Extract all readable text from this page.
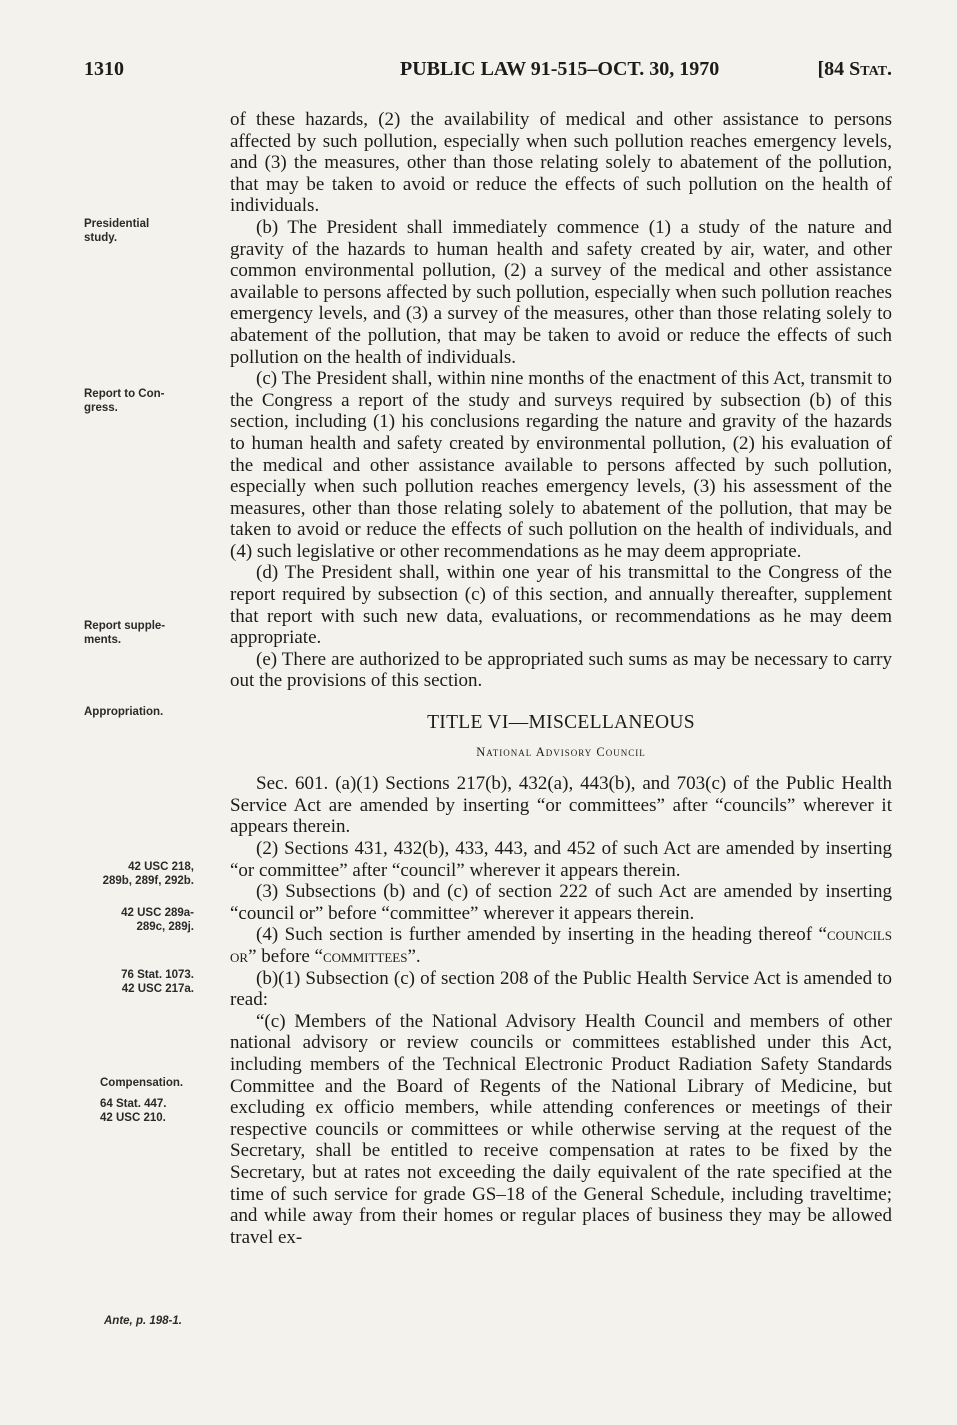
1310	PUBLIC LAW 91-515–OCT. 30, 1970	[84 Stat.
Presidential
study.
Report to Con-
gress.
Report supple-
ments.
Appropriation.
42 USC 218,
289b, 289f, 292b.
42 USC 289a-
289c, 289j.
76 Stat. 1073.
42 USC 217a.
Compensation.
64 Stat. 447.
42 USC 210.
Ante, p. 198-1.

of these hazards, (2) the availability of medical and other assistance to persons affected by such pollution, especially when such pollution reaches emergency levels, and (3) the measures, other than those relating solely to abatement of the pollution, that may be taken to avoid or reduce the effects of such pollution on the health of individuals.

(b) The President shall immediately commence (1) a study of the nature and gravity of the hazards to human health and safety created by air, water, and other common environmental pollution, (2) a survey of the medical and other assistance available to persons affected by such pollution, especially when such pollution reaches emergency levels, and (3) a survey of the measures, other than those relating solely to abatement of the pollution, that may be taken to avoid or reduce the effects of such pollution on the health of individuals.

(c) The President shall, within nine months of the enactment of this Act, transmit to the Congress a report of the study and surveys required by subsection (b) of this section, including (1) his conclusions regarding the nature and gravity of the hazards to human health and safety created by environmental pollution, (2) his evaluation of the medical and other assistance available to persons affected by such pollution, especially when such pollution reaches emergency levels, (3) his assessment of the measures, other than those relating solely to abatement of the pollution, that may be taken to avoid or reduce the effects of such pollution on the health of individuals, and (4) such legislative or other recommendations as he may deem appropriate.

(d) The President shall, within one year of his transmittal to the Congress of the report required by subsection (c) of this section, and annually thereafter, supplement that report with such new data, evaluations, or recommendations as he may deem appropriate.

(e) There are authorized to be appropriated such sums as may be necessary to carry out the provisions of this section.

TITLE VI—MISCELLANEOUS

National Advisory Council

Sec. 601. (a)(1) Sections 217(b), 432(a), 443(b), and 703(c) of the Public Health Service Act are amended by inserting “or committees” after “councils” wherever it appears therein.

(2) Sections 431, 432(b), 433, 443, and 452 of such Act are amended by inserting “or committee” after “council” wherever it appears therein.

(3) Subsections (b) and (c) of section 222 of such Act are amended by inserting “council or” before “committee” wherever it appears therein.

(4) Such section is further amended by inserting in the heading thereof “councils or” before “committees”.

(b)(1) Subsection (c) of section 208 of the Public Health Service Act is amended to read:

“(c) Members of the National Advisory Health Council and members of other national advisory or review councils or committees established under this Act, including members of the Technical Electronic Product Radiation Safety Standards Committee and the Board of Regents of the National Library of Medicine, but excluding ex officio members, while attending conferences or meetings of their respective councils or committees or while otherwise serving at the request of the Secretary, shall be entitled to receive compensation at rates to be fixed by the Secretary, but at rates not exceeding the daily equivalent of the rate specified at the time of such service for grade GS–18 of the General Schedule, including traveltime; and while away from their homes or regular places of business they may be allowed travel ex-
